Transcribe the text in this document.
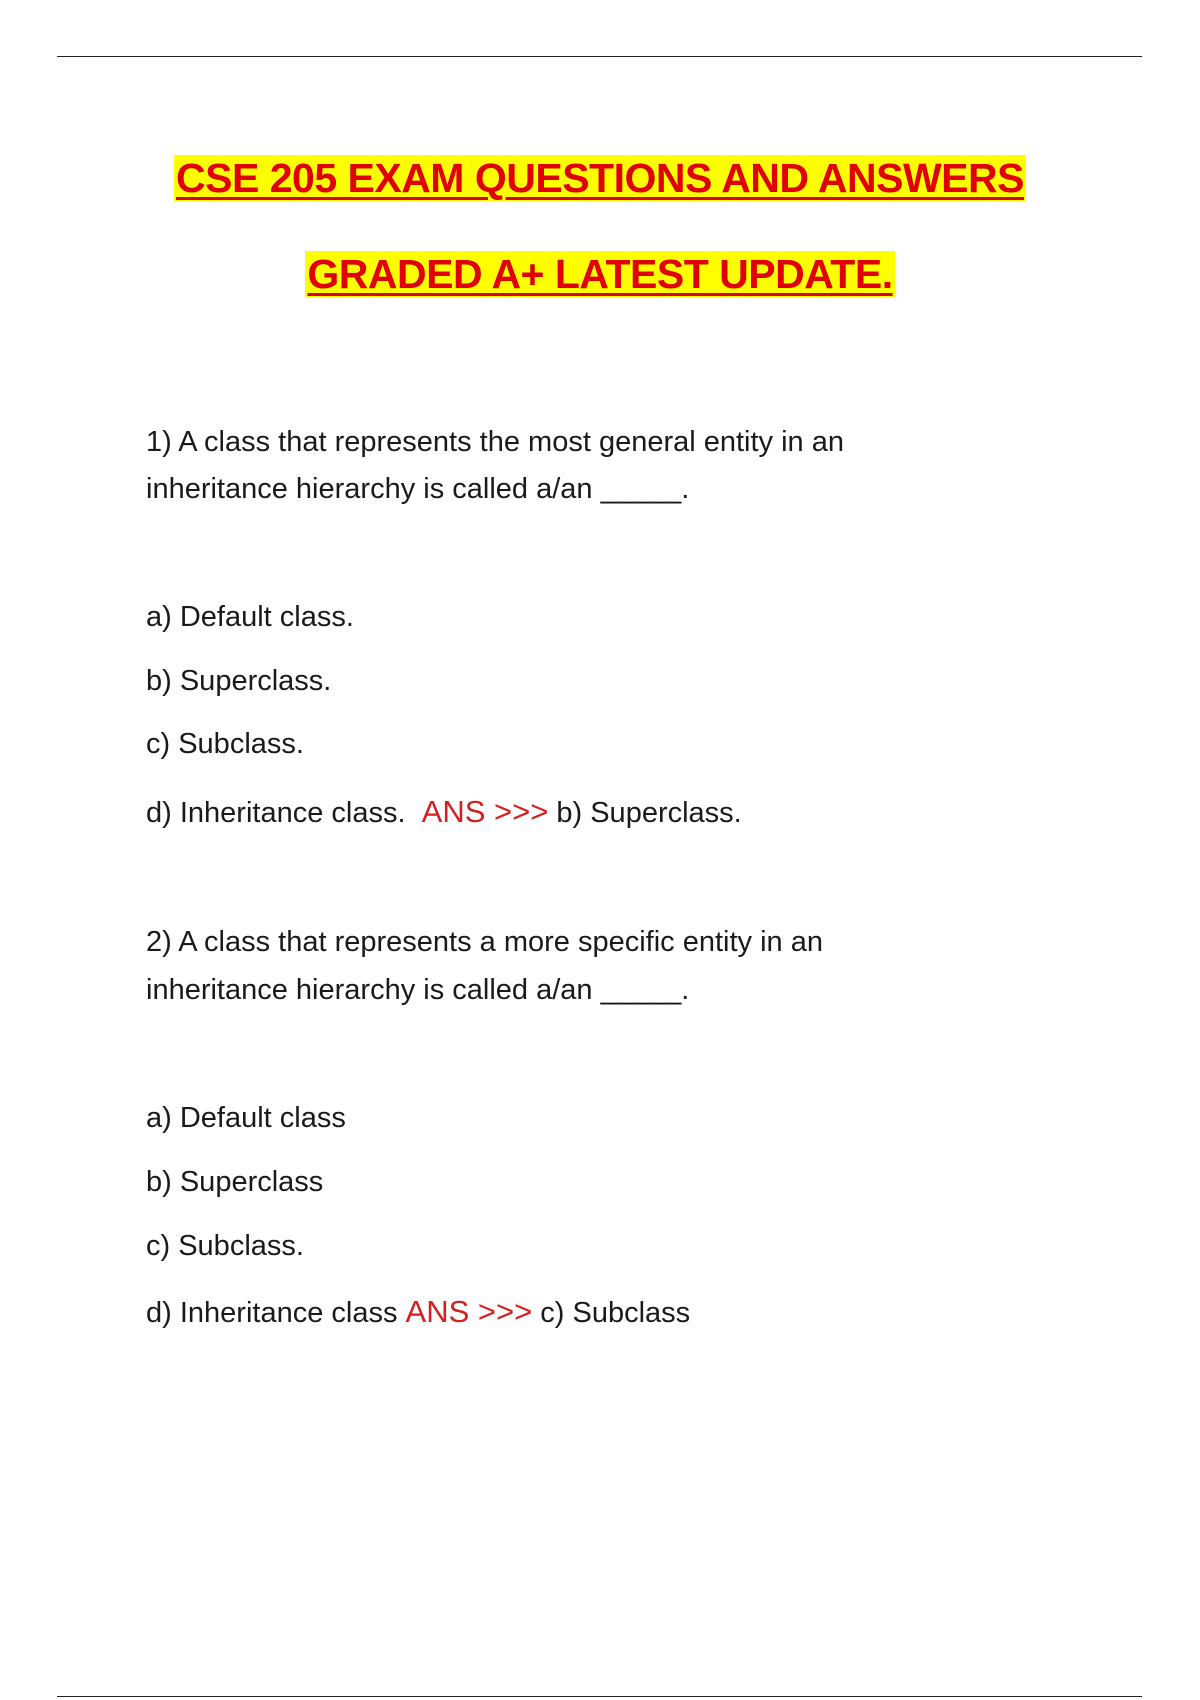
CSE 205 EXAM QUESTIONS AND ANSWERS
GRADED A+ LATEST UPDATE.
1) A class that represents the most general entity in an
inheritance hierarchy is called a/an _____.
a) Default class.
b) Superclass.
c) Subclass.
d) Inheritance class. ANS >>> b) Superclass.
2) A class that represents a more specific entity in an
inheritance hierarchy is called a/an _____.
a) Default class
b) Superclass
c) Subclass.
d) Inheritance class ANS >>> c) Subclass
